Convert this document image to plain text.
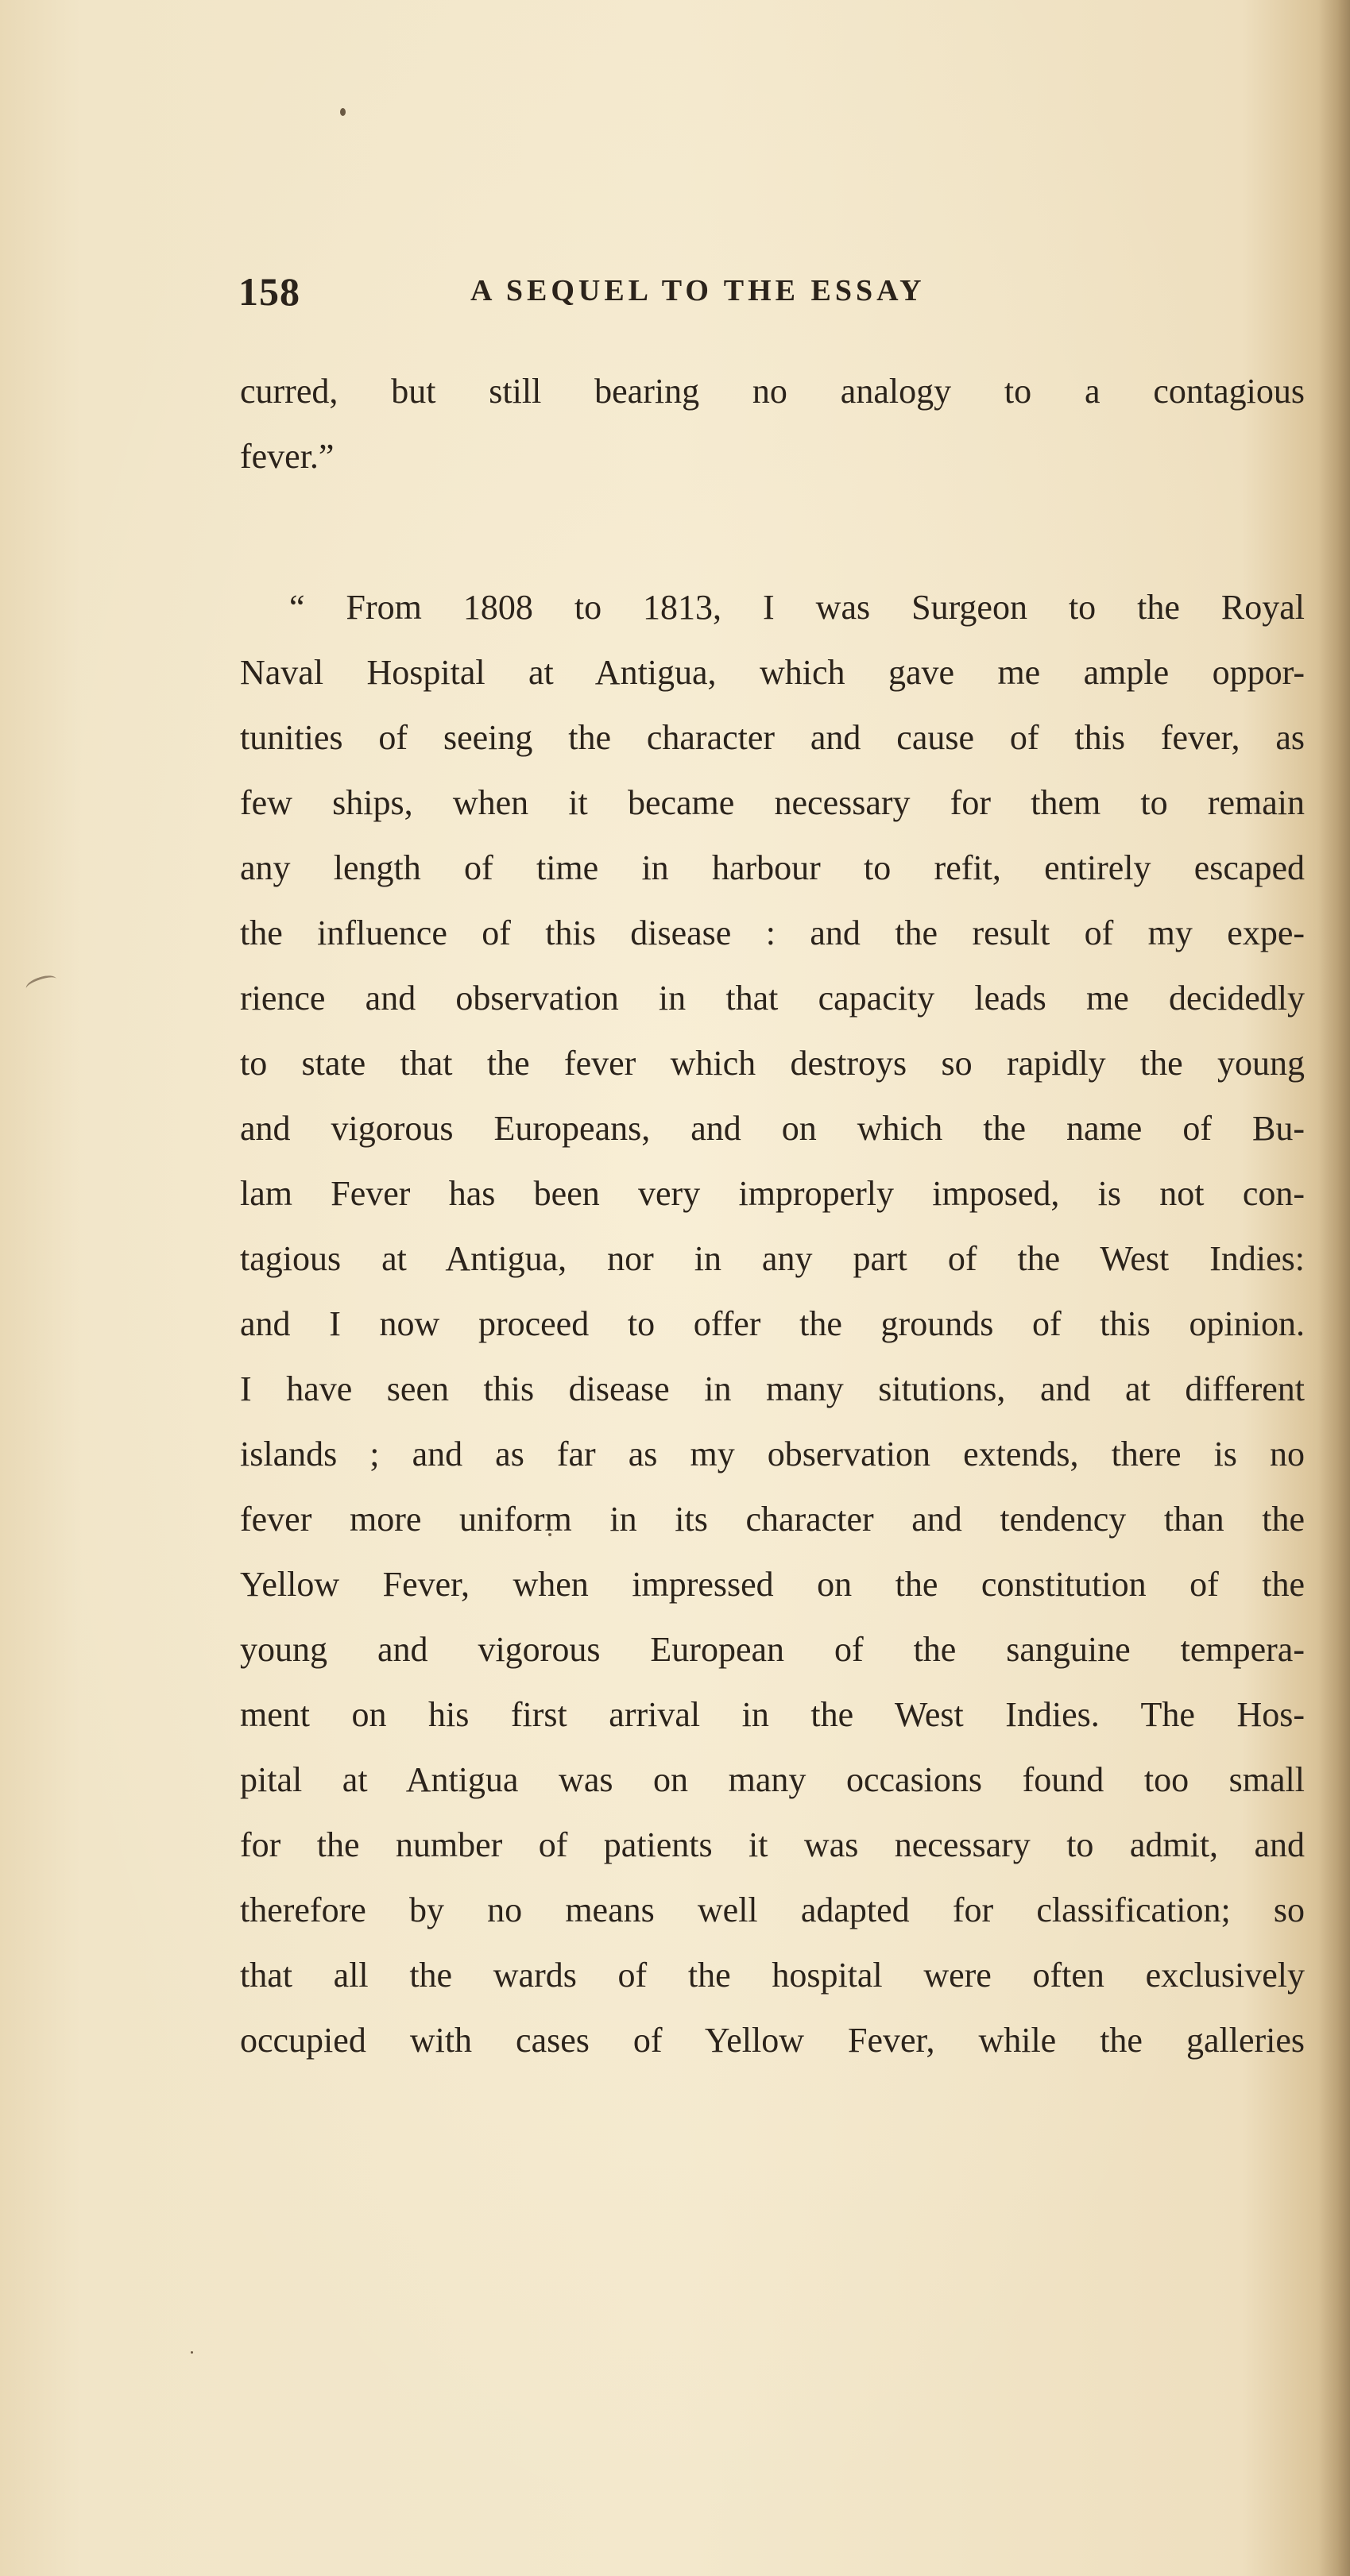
158	A SEQUEL TO THE ESSAY
curred, but still bearing no analogy to a contagious
fever.”
“ From 1808 to 1813, I was Surgeon to the Royal
Naval Hospital at Antigua, which gave me ample oppor-
tunities of seeing the character and cause of this fever, as
few ships, when it became necessary for them to remain
any length of time in harbour to refit, entirely escaped
the influence of this disease : and the result of my expe-
rience and observation in that capacity leads me decidedly
to state that the fever which destroys so rapidly the young
and vigorous Europeans, and on which the name of Bu-
lam Fever has been very improperly imposed, is not con-
tagious at Antigua, nor in any part of the West Indies:
and I now proceed to offer the grounds of this opinion.
I have seen this disease in many situtions, and at different
islands ; and as far as my observation extends, there is no
fever more uniform in its character and tendency than the
Yellow Fever, when impressed on the constitution of the
young and vigorous European of the sanguine tempera-
ment on his first arrival in the West Indies. The Hos-
pital at Antigua was on many occasions found too small
for the number of patients it was necessary to admit, and
therefore by no means well adapted for classification; so
that all the wards of the hospital were often exclusively
occupied with cases of Yellow Fever, while the galleries
